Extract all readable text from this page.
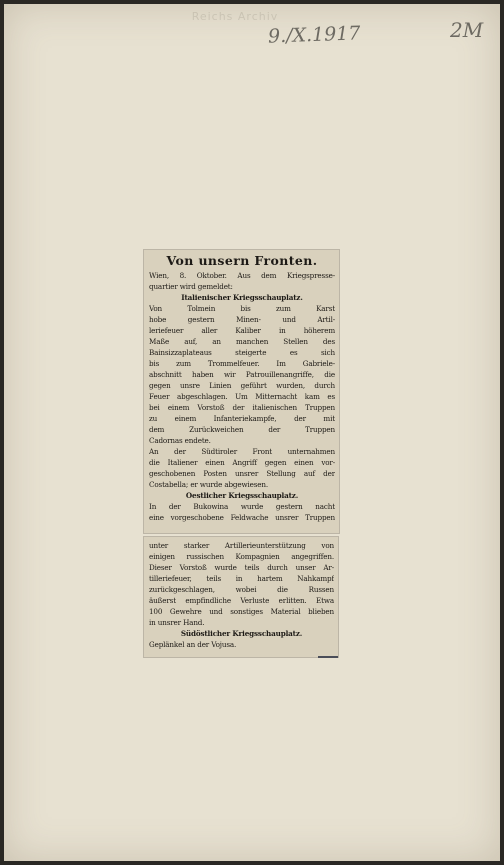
Reichs Archiv
9./X.1917	2M
Von unsern Fronten.
Wien, 8. Oktober. Aus dem Kriegspresse-
quartier wird gemeldet:
Italienischer Kriegsschauplatz.
Von Tolmein bis zum Karst
hobe gestern Minen- und Artil-
leriefeuer aller Kaliber in höherem
Maße auf, an manchen Stellen des
Bainsizzaplateaus steigerte es sich
bis zum Trommelfeuer. Im Gabriele-
abschnitt haben wir Patrouillenangriffe, die
gegen unsre Linien geführt wurden, durch
Feuer abgeschlagen. Um Mitternacht kam es
bei einem Vorstoß der italienischen Truppen
zu einem Infanteriekampfe, der mit
dem Zurückweichen der Truppen
Cadornas endete.
An der Südtiroler Front unternahmen
die Italiener einen Angriff gegen einen vor-
geschobenen Posten unsrer Stellung auf der
Costabella; er wurde abgewiesen.
Oestlicher Kriegsschauplatz.
In der Bukowina wurde gestern nacht
eine vorgeschobene Feldwache unsrer Truppen
unter starker Artillerieunterstützung von
einigen russischen Kompagnien angegriffen.
Dieser Vorstoß wurde teils durch unser Ar-
tilleriefeuer, teils in hartem Nahkampf
zurückgeschlagen, wobei die Russen
äußerst empfindliche Verluste erlitten. Etwa
100 Gewehre und sonstiges Material blieben
in unsrer Hand.
Südöstlicher Kriegsschauplatz.
Geplänkel an der Vojusa.
